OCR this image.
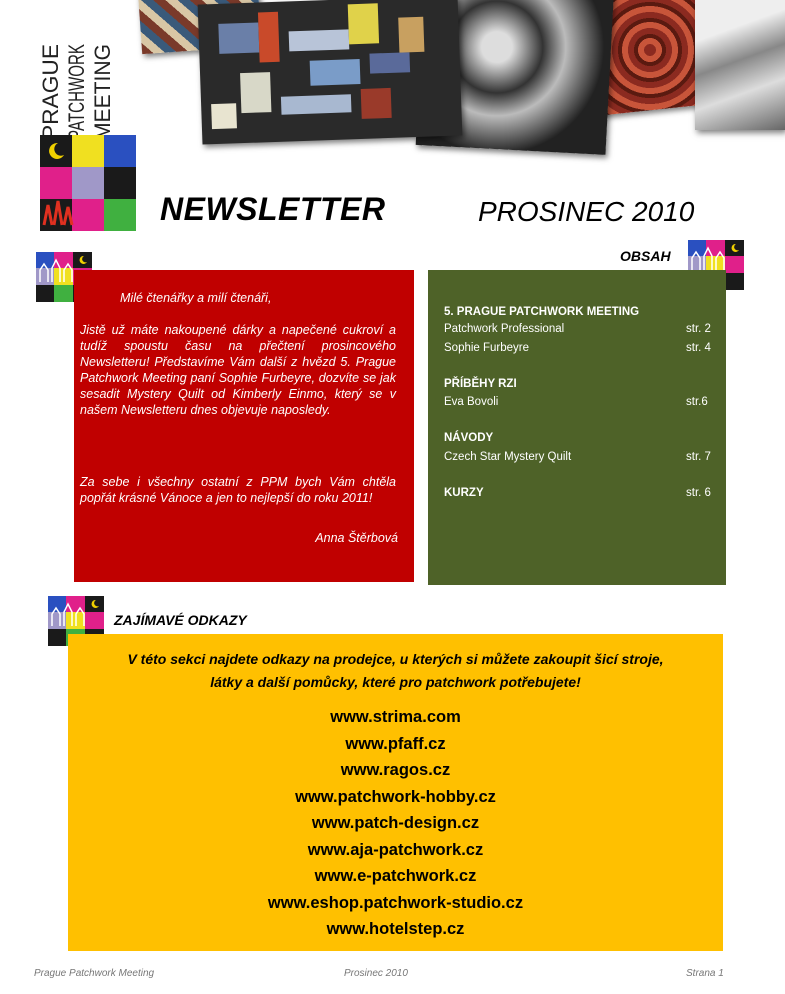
PRAGUE PATCHWORK MEETING
NEWSLETTER	PROSINEC 2010
OBSAH
Milé čtenářky a milí čtenáři,
Jistě už máte nakoupené dárky a napečené cukroví a tudíž spoustu času na přečtení prosincového Newsletteru! Představíme Vám další z hvězd 5. Prague Patchwork Meeting paní Sophie Furbeyre, dozvíte se jak sesadit Mystery Quilt od Kimberly Einmo, který se v našem Newsletteru dnes objevuje naposledy.
Za sebe i všechny ostatní z PPM bych Vám chtěla popřát krásné Vánoce a jen to nejlepší do roku 2011!
Anna Štěrbová
5. PRAGUE PATCHWORK MEETING
Patchwork Professional	str. 2
Sophie Furbeyre	str. 4
PŘÍBĚHY RZI
Eva Bovoli	str.6
NÁVODY
Czech Star Mystery Quilt	str. 7
KURZY	str. 6
ZAJÍMAVÉ ODKAZY
V této sekci najdete odkazy na prodejce, u kterých si můžete zakoupit šicí stroje,
látky a další pomůcky, které pro patchwork potřebujete!
www.strima.com
www.pfaff.cz
www.ragos.cz
www.patchwork-hobby.cz
www.patch-design.cz
www.aja-patchwork.cz
www.e-patchwork.cz
www.eshop.patchwork-studio.cz
www.hotelstep.cz
Prague Patchwork Meeting	Prosinec 2010	Strana 1
